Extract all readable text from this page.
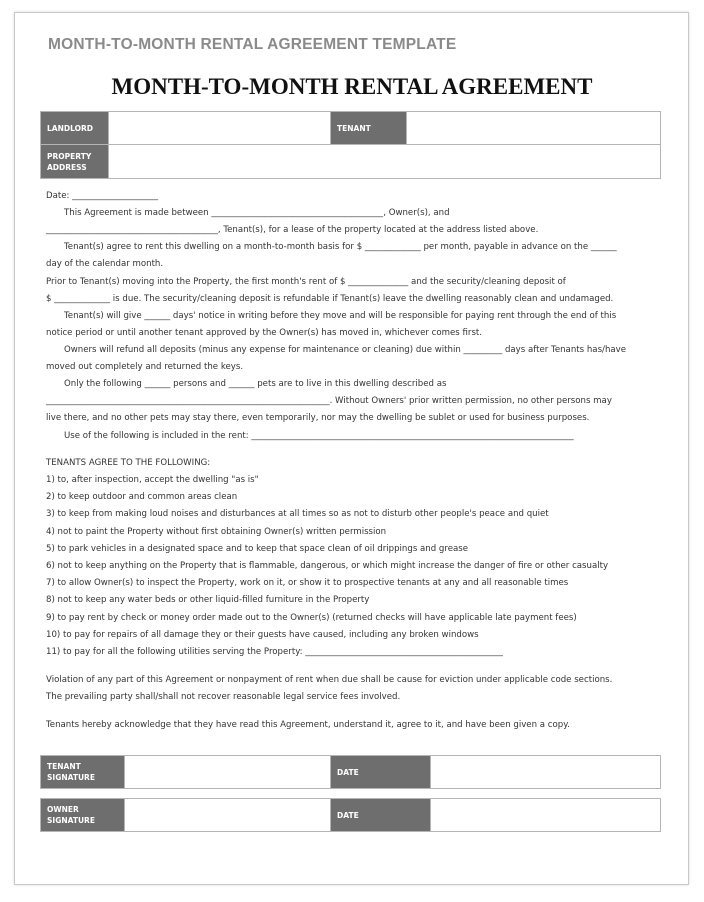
MONTH-TO-MONTH RENTAL AGREEMENT TEMPLATE
MONTH-TO-MONTH RENTAL AGREEMENT
LANDLORD		TENANT	
PROPERTY
ADDRESS			
Date: ____________________
This Agreement is made between ________________________________________, Owner(s), and
________________________________________, Tenant(s), for a lease of the property located at the address listed above.
Tenant(s) agree to rent this dwelling on a month-to-month basis for $ _____________ per month, payable in advance on the ______
day of the calendar month.
Prior to Tenant(s) moving into the Property, the first month's rent of $ ______________ and the security/cleaning deposit of
$ _____________ is due. The security/cleaning deposit is refundable if Tenant(s) leave the dwelling reasonably clean and undamaged.
Tenant(s) will give ______ days' notice in writing before they move and will be responsible for paying rent through the end of this
notice period or until another tenant approved by the Owner(s) has moved in, whichever comes first.
Owners will refund all deposits (minus any expense for maintenance or cleaning) due within _________ days after Tenants has/have
moved out completely and returned the keys.
Only the following ______ persons and ______ pets are to live in this dwelling described as
__________________________________________________________________. Without Owners' prior written permission, no other persons may
live there, and no other pets may stay there, even temporarily, nor may the dwelling be sublet or used for business purposes.
Use of the following is included in the rent: ___________________________________________________________________________
TENANTS AGREE TO THE FOLLOWING:
1) to, after inspection, accept the dwelling "as is"
2) to keep outdoor and common areas clean
3) to keep from making loud noises and disturbances at all times so as not to disturb other people's peace and quiet
4) not to paint the Property without first obtaining Owner(s) written permission
5) to park vehicles in a designated space and to keep that space clean of oil drippings and grease
6) not to keep anything on the Property that is flammable, dangerous, or which might increase the danger of fire or other casualty
7) to allow Owner(s) to inspect the Property, work on it, or show it to prospective tenants at any and all reasonable times
8) not to keep any water beds or other liquid-filled furniture in the Property
9) to pay rent by check or money order made out to the Owner(s) (returned checks will have applicable late payment fees)
10) to pay for repairs of all damage they or their guests have caused, including any broken windows
11) to pay for all the following utilities serving the Property: ______________________________________________
Violation of any part of this Agreement or nonpayment of rent when due shall be cause for eviction under applicable code sections.
The prevailing party shall/shall not recover reasonable legal service fees involved.
Tenants hereby acknowledge that they have read this Agreement, understand it, agree to it, and have been given a copy.
TENANT
SIGNATURE		DATE	
OWNER
SIGNATURE		DATE	
